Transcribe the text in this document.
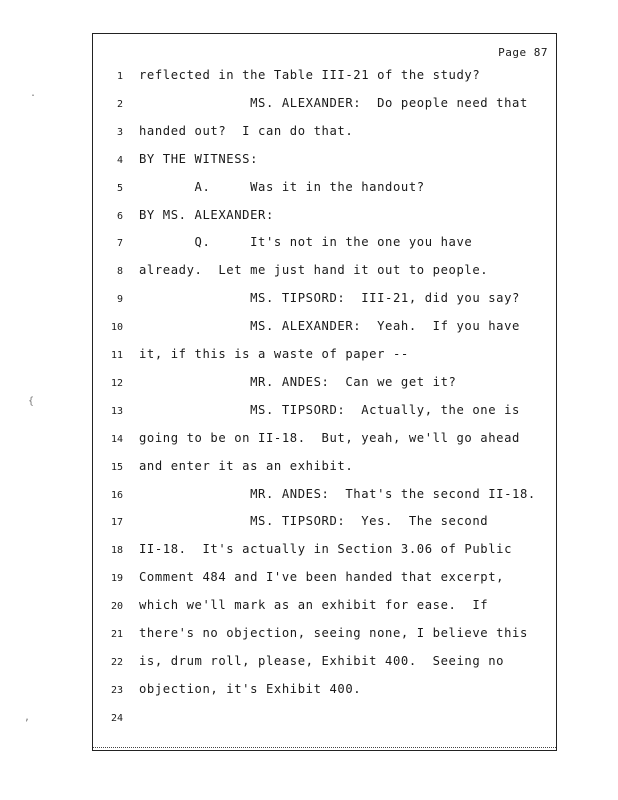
Page 87
1 reflected in the Table III-21 of the study?
2 MS. ALEXANDER:  Do people need that
3 handed out?  I can do that.
4 BY THE WITNESS:
5 A.     Was it in the handout?
6 BY MS. ALEXANDER:
7 Q.     It's not in the one you have
8 already.  Let me just hand it out to people.
9 MS. TIPSORD:  III-21, did you say?
10 MS. ALEXANDER:  Yeah.  If you have
11 it, if this is a waste of paper --
12 MR. ANDES:  Can we get it?
13 MS. TIPSORD:  Actually, the one is
14 going to be on II-18.  But, yeah, we'll go ahead
15 and enter it as an exhibit.
16 MR. ANDES:  That's the second II-18.
17 MS. TIPSORD:  Yes.  The second
18 II-18.  It's actually in Section 3.06 of Public
19 Comment 484 and I've been handed that excerpt,
20 which we'll mark as an exhibit for ease.  If
21 there's no objection, seeing none, I believe this
22 is, drum roll, please, Exhibit 400.  Seeing no
23 objection, it's Exhibit 400.
24
.
{
,
